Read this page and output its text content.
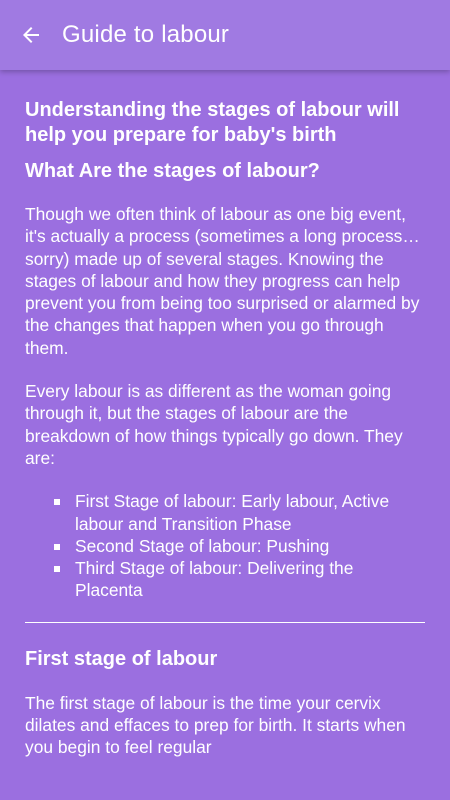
Guide to labour
Understanding the stages of labour will help you prepare for baby's birth
What Are the stages of labour?

Though we often think of labour as one big event, it's actually a process (sometimes a long process…sorry) made up of several stages. Knowing the stages of labour and how they progress can help prevent you from being too surprised or alarmed by the changes that happen when you go through them.

Every labour is as different as the woman going through it, but the stages of labour are the breakdown of how things typically go down. They are:

First Stage of labour: Early labour, Active labour and Transition Phase
Second Stage of labour: Pushing
Third Stage of labour: Delivering the Placenta
First stage of labour

The first stage of labour is the time your cervix dilates and effaces to prep for birth. It starts when you begin to feel regular
